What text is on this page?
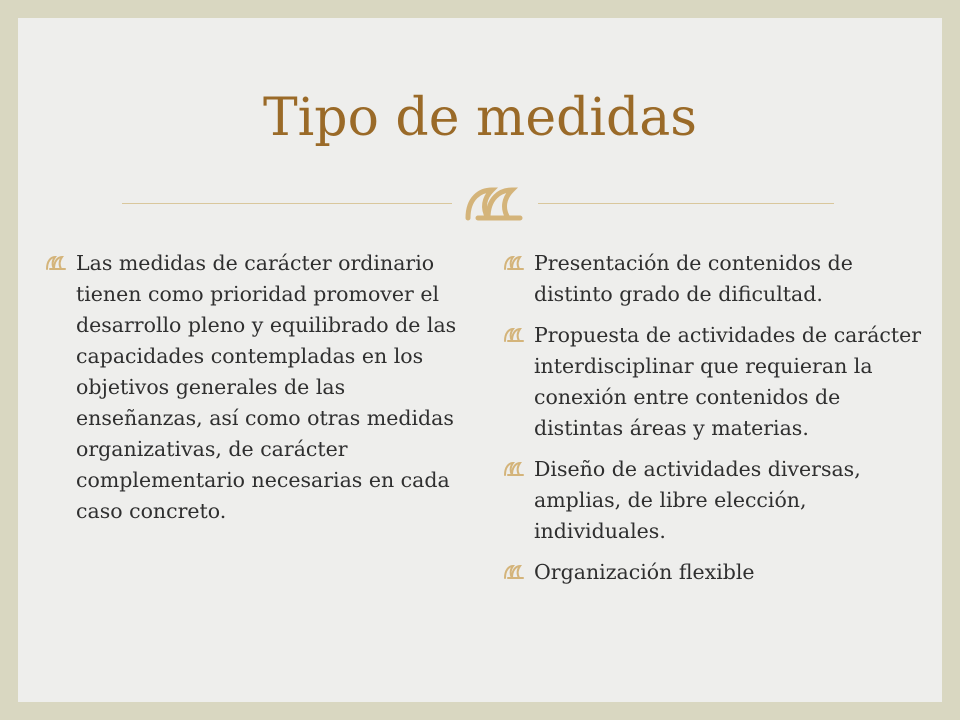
Tipo de medidas
Las medidas de carácter ordinario tienen como prioridad promover el desarrollo pleno y equilibrado de las capacidades contempladas en los objetivos generales de las enseñanzas, así como otras medidas organizativas, de carácter complementario necesarias en cada caso concreto.
Presentación de contenidos de distinto grado de dificultad.
Propuesta de actividades de carácter interdisciplinar que requieran la conexión entre contenidos de distintas áreas y materias.
Diseño de actividades diversas, amplias, de libre elección, individuales.
Organización flexible
